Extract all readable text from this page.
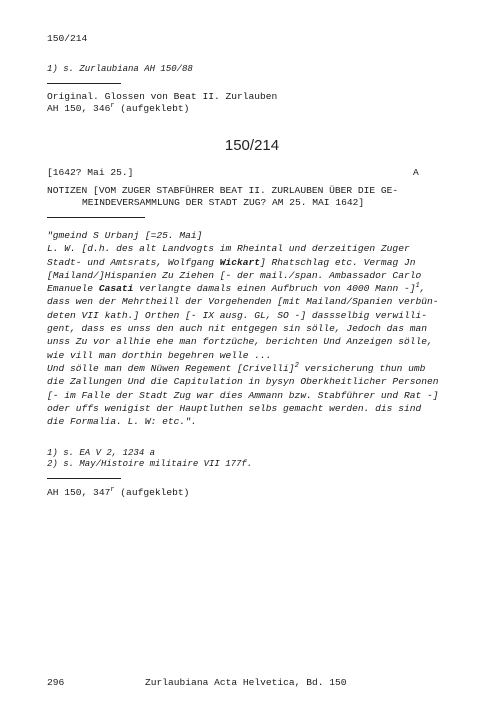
150/214
1) s. Zurlaubiana AH 150/88
Original. Glossen von Beat II. Zurlauben
AH 150, 346$^r$ (aufgeklebt)
150/214
[1642? Mai 25.]	A
NOTIZEN [VOM ZUGER STABFÜHRER BEAT II. ZURLAUBEN ÜBER DIE GE-
MEINDEVERSAMMLUNG DER STADT ZUG? AM 25. MAI 1642]
"gmeind S Urbanj [=25. Mai]
L. W. [d.h. des alt Landvogts im Rheintal und derzeitigen Zuger
Stadt- und Amtsrats, Wolfgang Wickart] Rhatschlag etc. Vermag Jn
[Mailand/]Hispanien Zu Ziehen [- der mail./span. Ambassador Carlo
Emanuele Casati verlangte damals einen Aufbruch von 4000 Mann -]$^1$,
dass wen der Mehrtheill der Vorgehenden [mit Mailand/Spanien verbün-
deten VII kath.] Orthen [- IX ausg. GL, SO -] dassselbig verwilli-
gent, dass es unss den auch nit entgegen sin sölle, Jedoch das man
unss Zu vor allhie ehe man fortzüche, berichten Und Anzeigen sölle,
wie vill man dorthin begehren welle ...
Und sölle man dem Nüwen Regement [Crivelli]$^2$ versicherung thun umb
die Zallungen Und die Capitulation in bysyn Oberkheitlicher Personen
[- im Falle der Stadt Zug war dies Ammann bzw. Stabführer und Rat -]
oder uffs wenigist der Hauptluthen selbs gemacht werden. dis sind
die Formalia. L. W: etc.".
1) s. EA V 2, 1234 a
2) s. May/Histoire militaire VII 177f.
AH 150, 347$^r$ (aufgeklebt)
296	Zurlaubiana Acta Helvetica, Bd. 150
